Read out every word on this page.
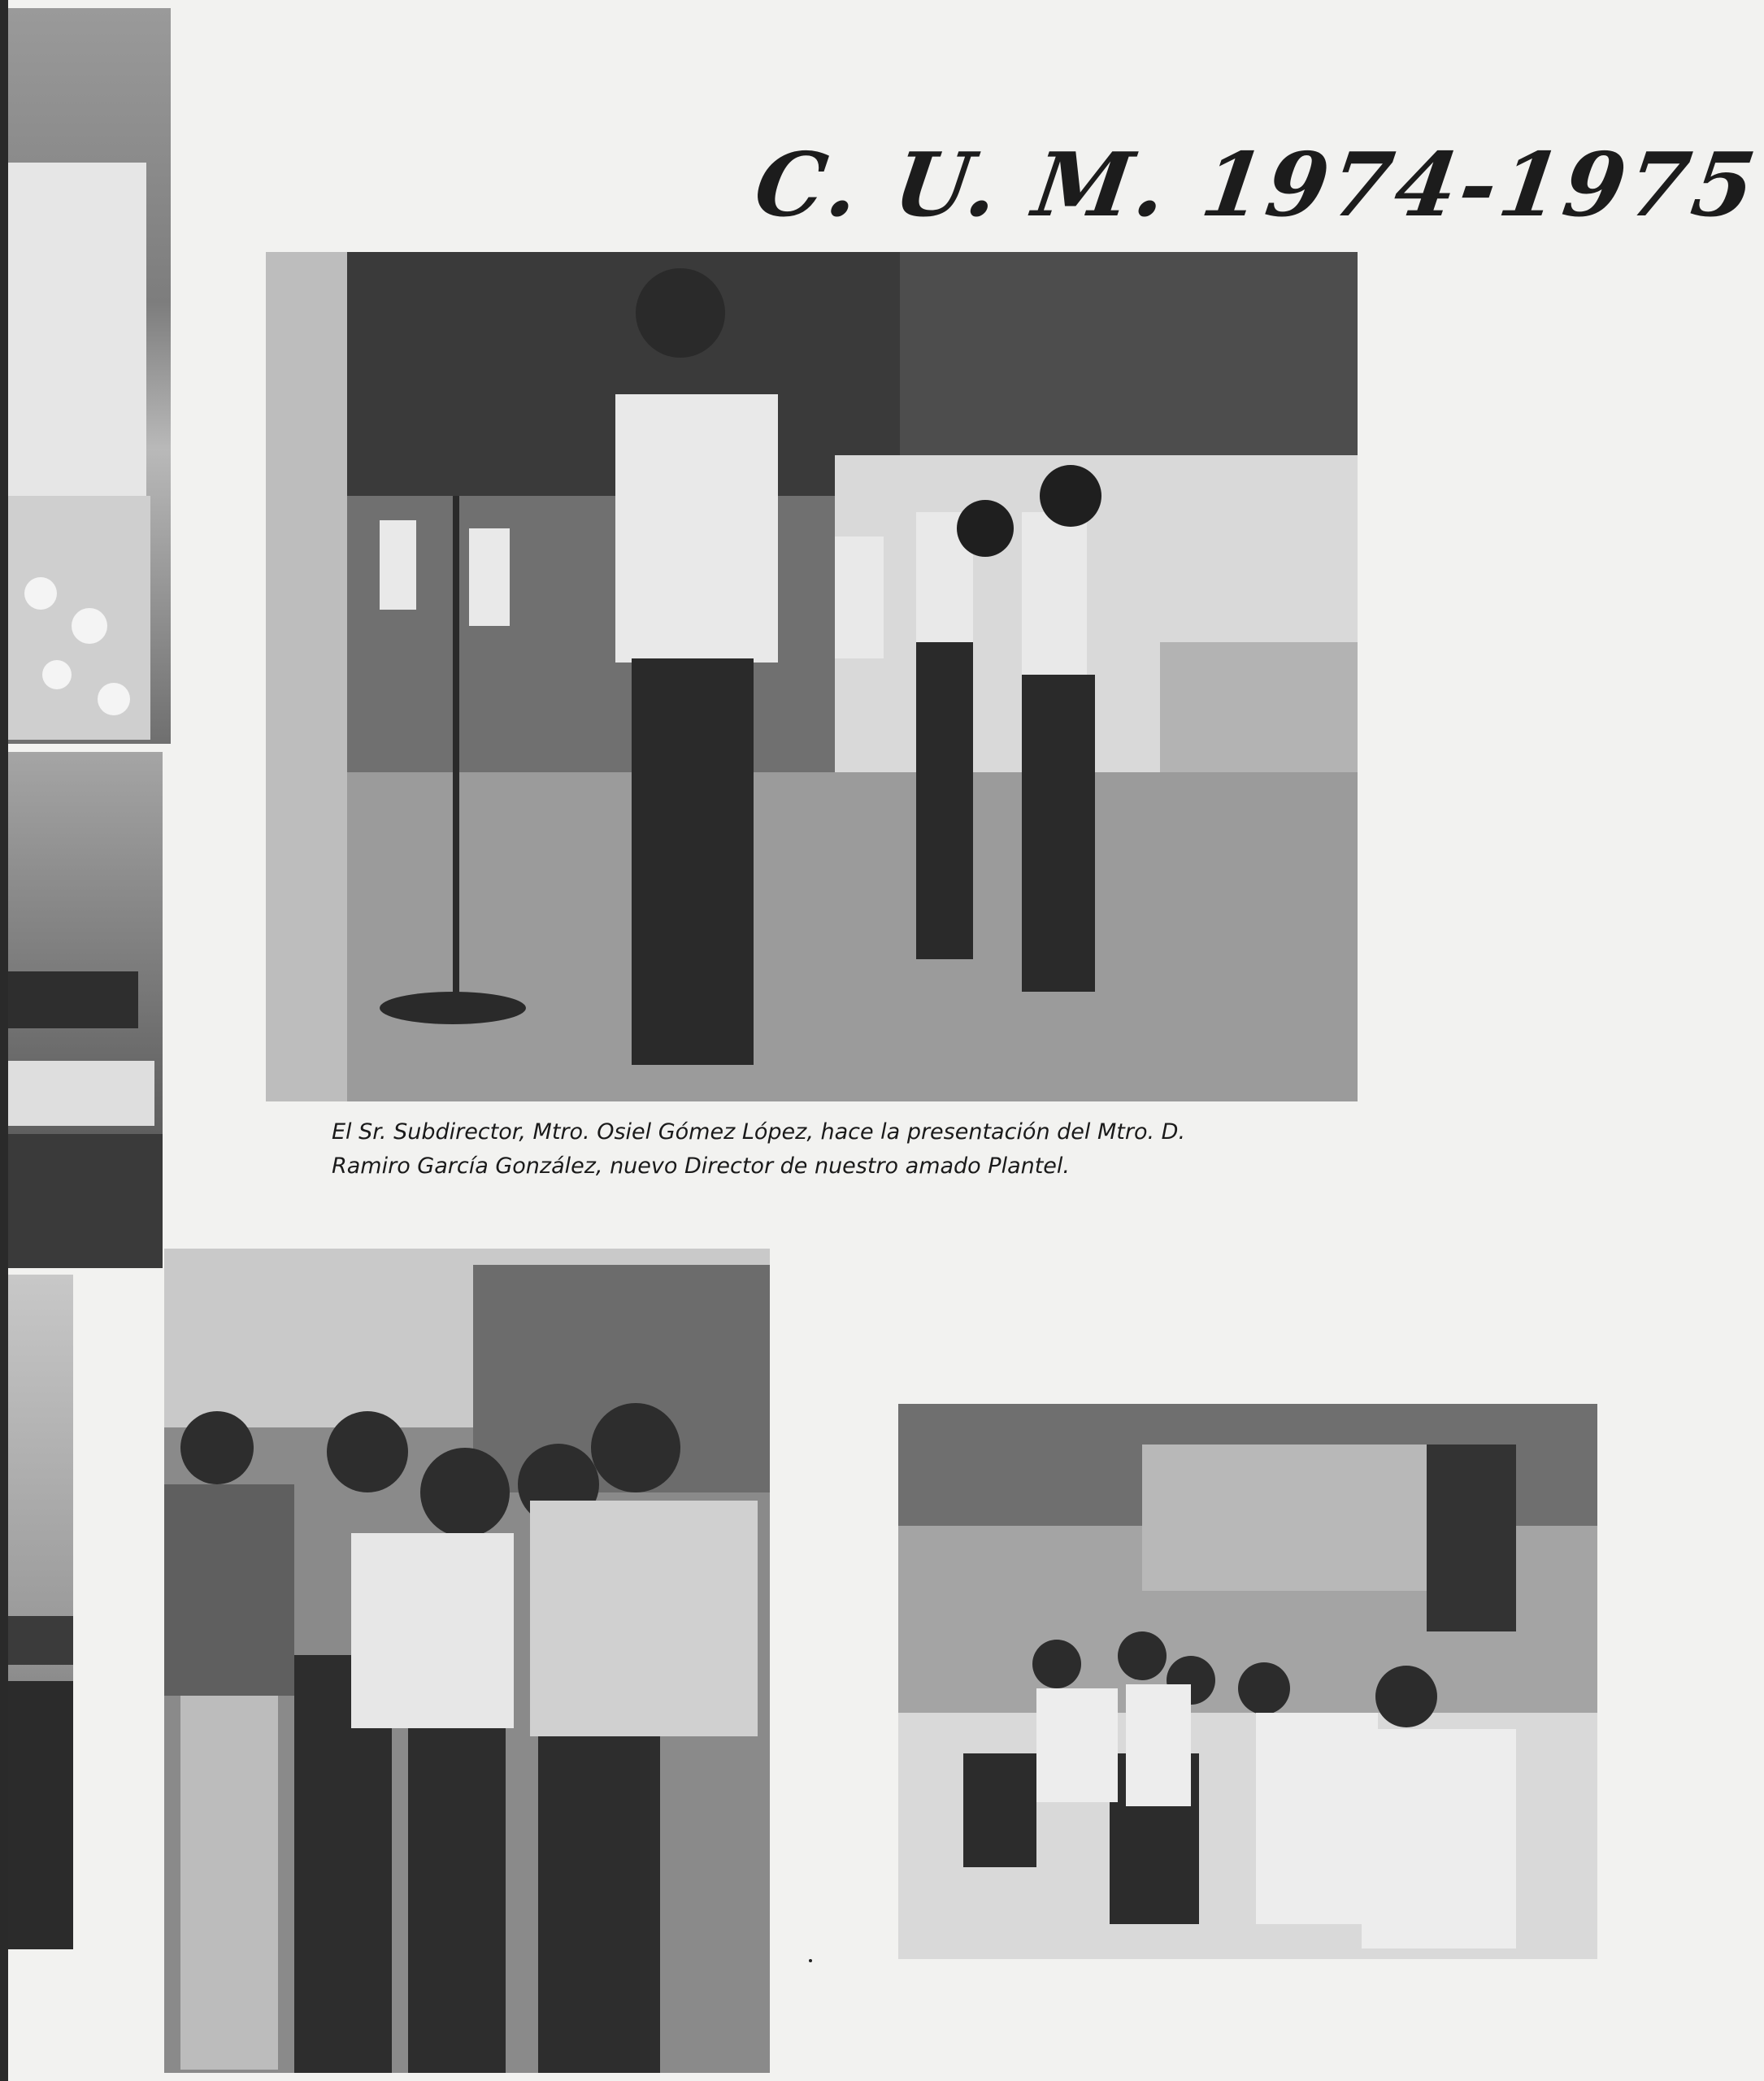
C. U. M. 1974-1975
El Sr. Subdirector, Mtro. Osiel Gómez López, hace la presentación del Mtro. D.
Ramiro García González, nuevo Director de nuestro amado Plantel.
